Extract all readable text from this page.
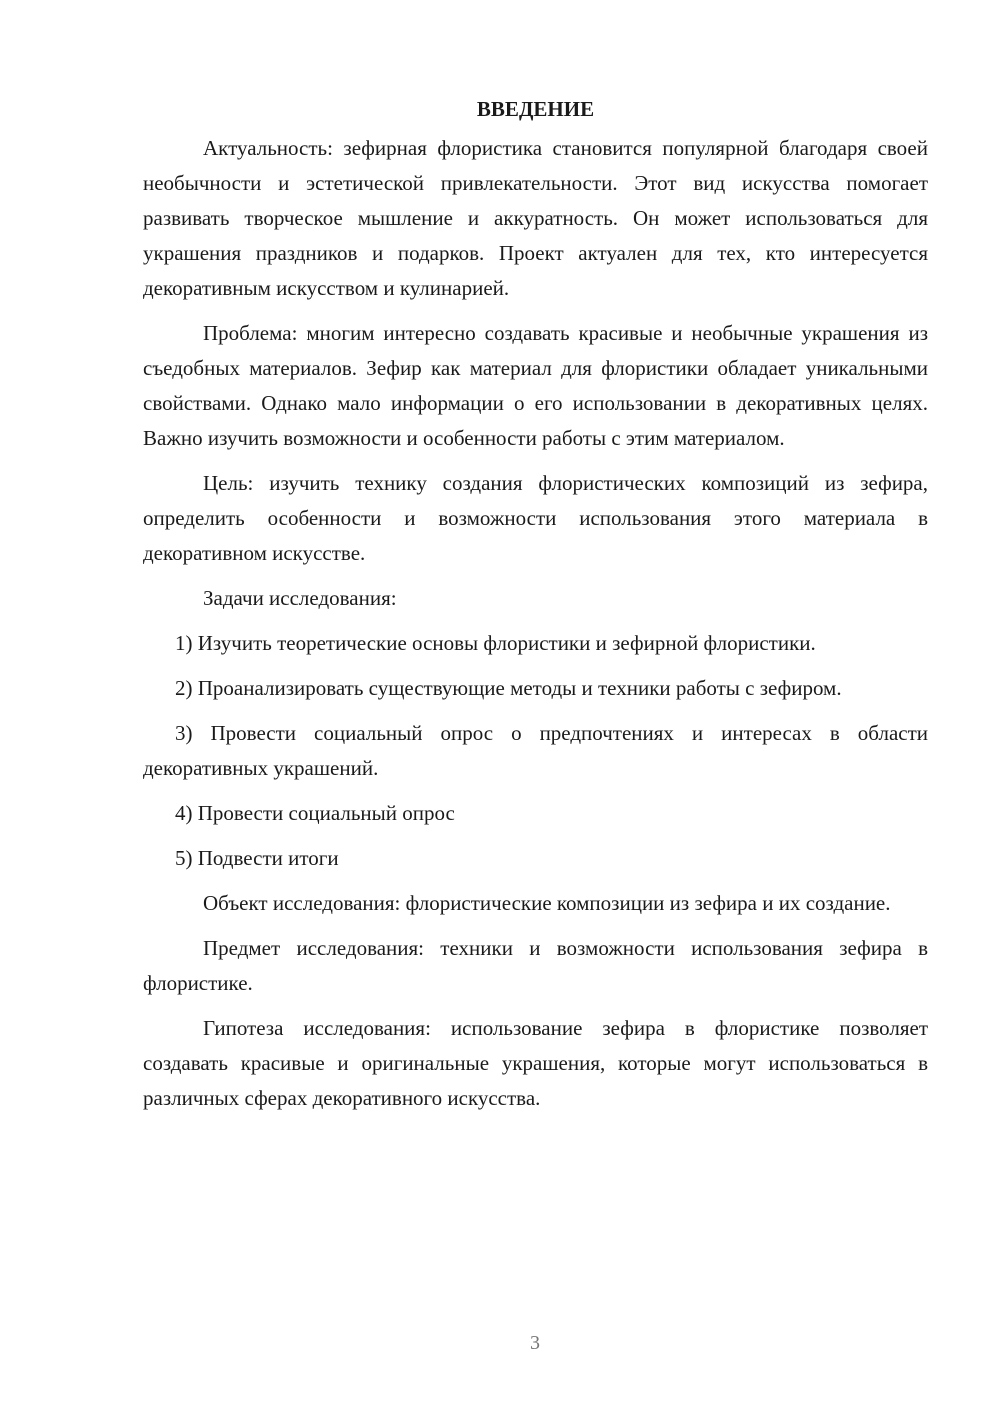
ВВЕДЕНИЕ

Актуальность: зефирная флористика становится популярной благодаря своей необычности и эстетической привлекательности. Этот вид искусства помогает развивать творческое мышление и аккуратность. Он может использоваться для украшения праздников и подарков. Проект актуален для тех, кто интересуется декоративным искусством и кулинарией.

Проблема: многим интересно создавать красивые и необычные украшения из съедобных материалов. Зефир как материал для флористики обладает уникальными свойствами. Однако мало информации о его использовании в декоративных целях. Важно изучить возможности и особенности работы с этим материалом.

Цель: изучить технику создания флористических композиций из зефира, определить особенности и возможности использования этого материала в декоративном искусстве.

Задачи исследования:

1) Изучить теоретические основы флористики и зефирной флористики.

2) Проанализировать существующие методы и техники работы с зефиром.

3) Провести социальный опрос о предпочтениях и интересах в области декоративных украшений.

4) Провести социальный опрос

5) Подвести итоги

Объект исследования: флористические композиции из зефира и их создание.

Предмет исследования: техники и возможности использования зефира в флористике.

Гипотеза исследования: использование зефира в флористике позволяет создавать красивые и оригинальные украшения, которые могут использоваться в различных сферах декоративного искусства.

3
